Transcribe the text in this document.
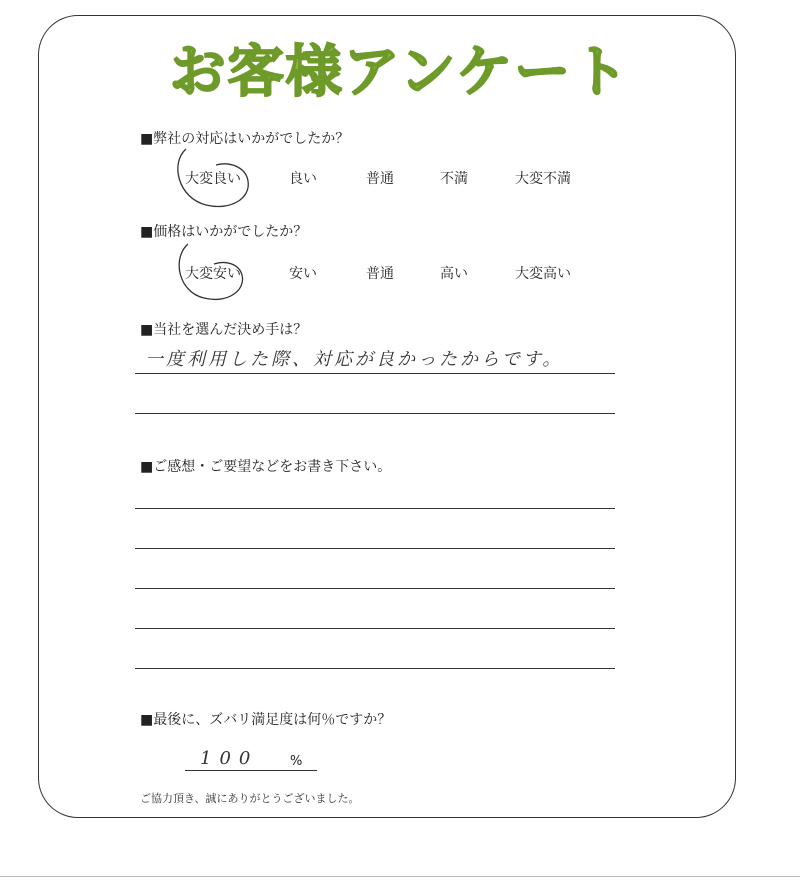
お客様アンケート
■弊社の対応はいかがでしたか？
大変良い	良い	普通	不満	大変不満
■価格はいかがでしたか？
大変安い	安い	普通	高い	大変高い
■当社を選んだ決め手は？
一度利用した際、対応が良かったからです。
■ご感想・ご要望などをお書き下さい。
■最後に、ズバリ満足度は何％ですか？
100 %
ご協力頂き、誠にありがとうございました。
